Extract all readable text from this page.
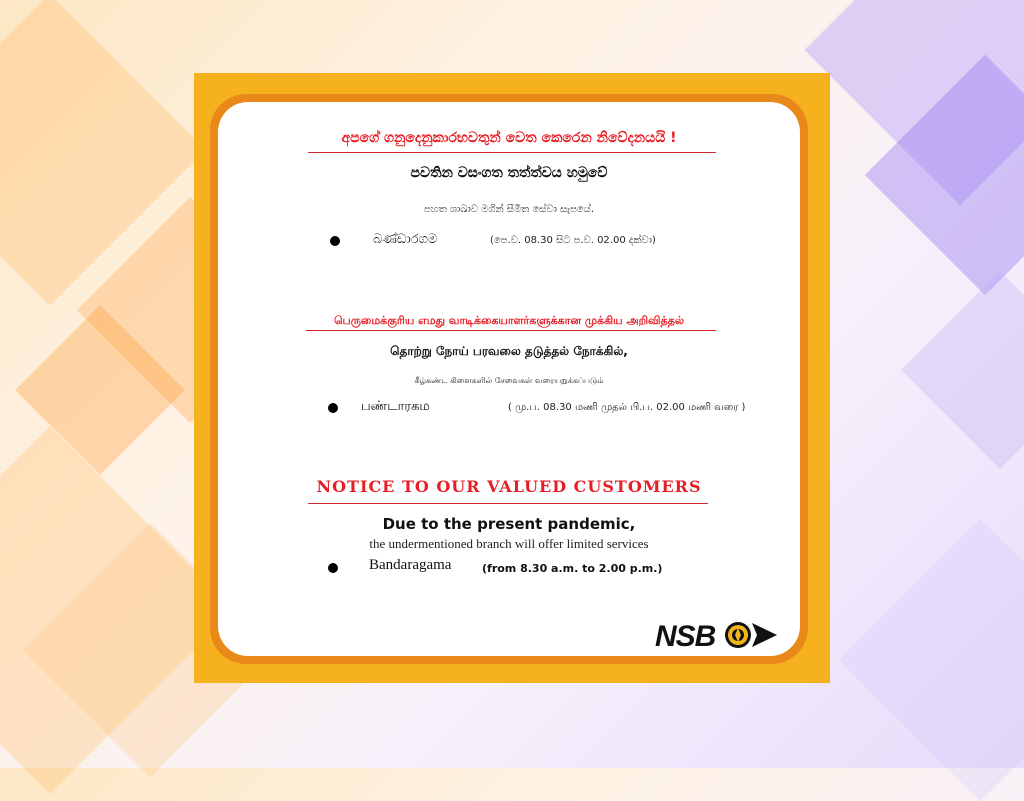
අපගේ ගනුදෙනුකාරභවතුන් වෙත කෙරෙන නිවේදනයයි !
පවතින වසංගත තත්ත්වය හමුවේ
පහත ශාඛාව මගින් සීමිත සේවා සැපයේ.
බණ්ඩාරගම	(පෙ.ව. 08.30 සිට ප.ව. 02.00 දක්වා)
பெருமைக்குரிய எமது வாடிக்கையாளர்களுக்கான முக்கிய அறிவித்தல்
தொற்று நோய் பரவலை தடுத்தல் நோக்கில்,
கீழ்கண்ட கிளைகளில் சேவைகள் வரையறுக்கப்படும்
பண்டாரகம	( மு.ப. 08.30 மணி முதல் பி.ப. 02.00 மணி வரை )
NOTICE TO OUR VALUED CUSTOMERS
Due to the present pandemic,
the undermentioned branch will offer limited services
Bandaragama	(from 8.30 a.m. to 2.00 p.m.)
NSB
